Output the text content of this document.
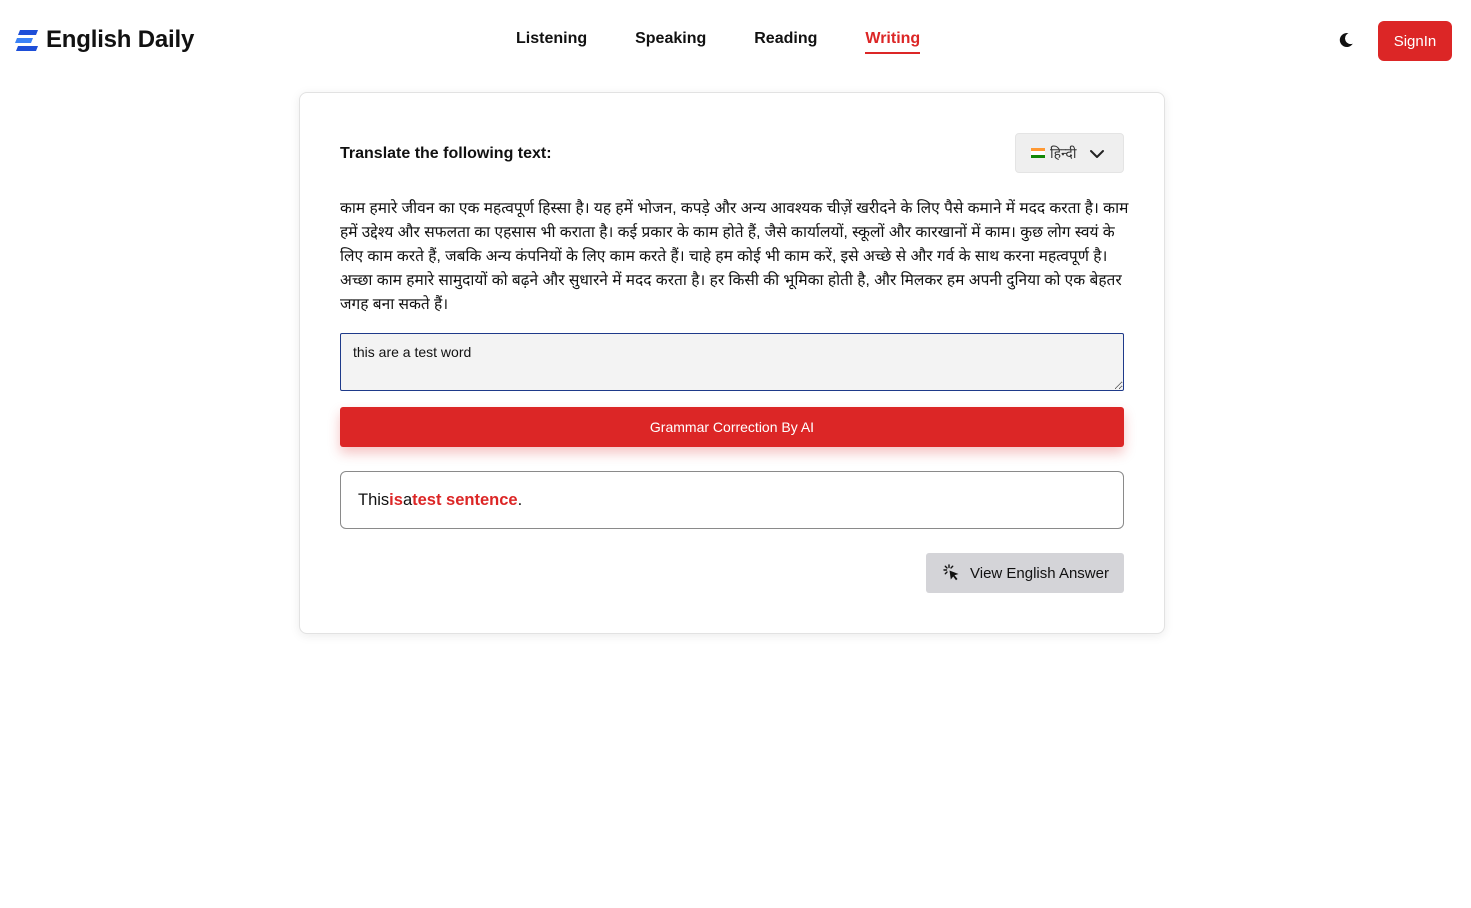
English Daily	Listening	Speaking	Reading	Writing	SignIn
Translate the following text:	हिन्दी

काम हमारे जीवन का एक महत्वपूर्ण हिस्सा है। यह हमें भोजन, कपड़े और अन्य आवश्यक चीज़ें खरीदने के लिए पैसे कमाने में मदद करता है। काम हमें उद्देश्य और सफलता का एहसास भी कराता है। कई प्रकार के काम होते हैं, जैसे कार्यालयों, स्कूलों और कारखानों में काम। कुछ लोग स्वयं के लिए काम करते हैं, जबकि अन्य कंपनियों के लिए काम करते हैं। चाहे हम कोई भी काम करें, इसे अच्छे से और गर्व के साथ करना महत्वपूर्ण है। अच्छा काम हमारे सामुदायों को बढ़ने और सुधारने में मदद करता है। हर किसी की भूमिका होती है, और मिलकर हम अपनी दुनिया को एक बेहतर जगह बना सकते हैं।

this are a test word
Grammar Correction By AI
This is a test sentence .
View English Answer
